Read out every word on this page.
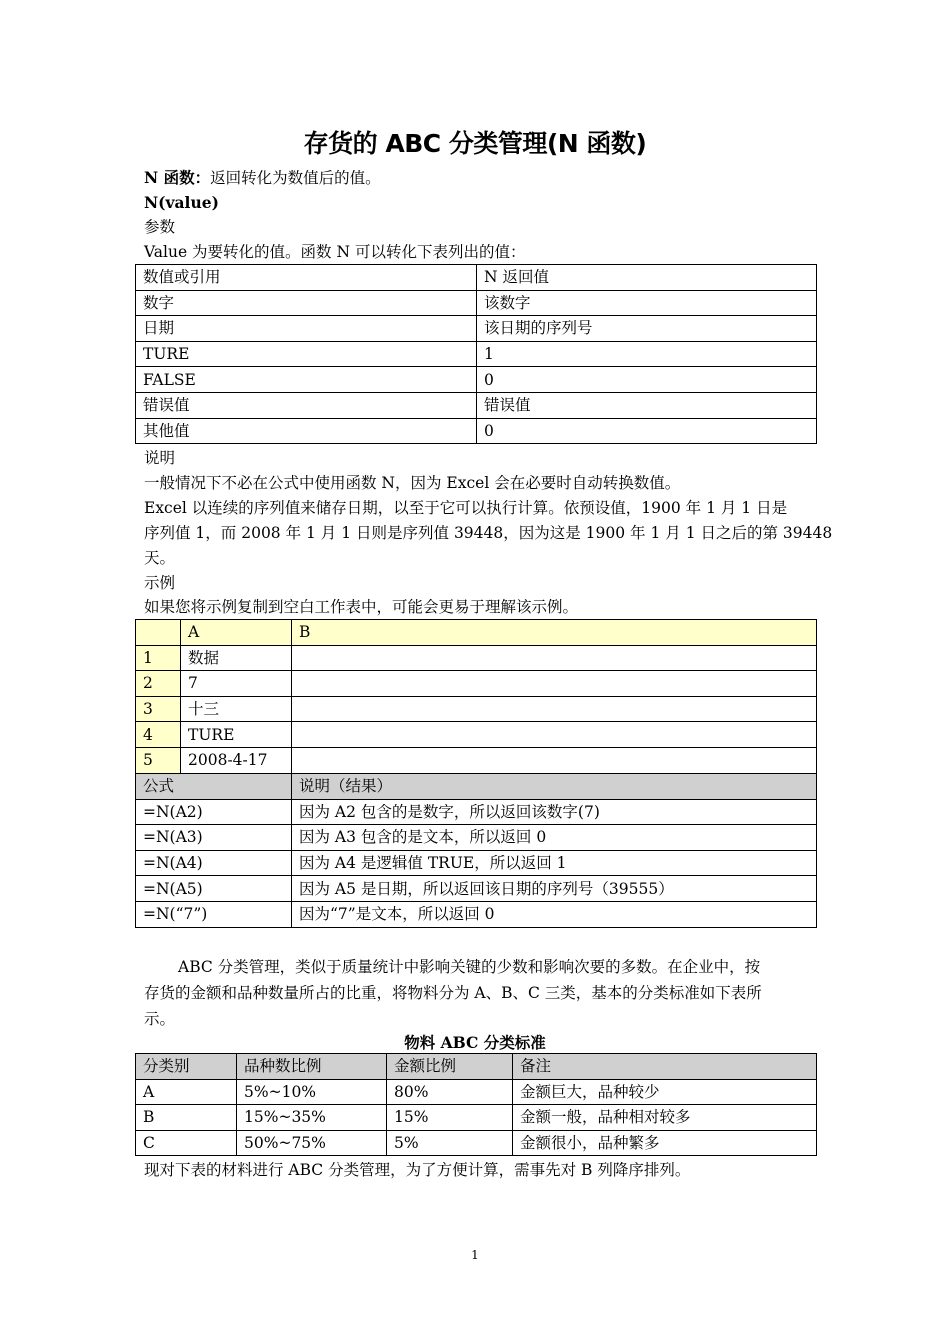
存货的 ABC 分类管理(N 函数)
N 函数：返回转化为数值后的值。
N(value)
参数
Value 为要转化的值。函数 N 可以转化下表列出的值：
数值或引用	N 返回值
数字	该数字
日期	该日期的序列号
TURE	1
FALSE	0
错误值	错误值
其他值	0
说明
一般情况下不必在公式中使用函数 N，因为 Excel 会在必要时自动转换数值。
Excel 以连续的序列值来储存日期，以至于它可以执行计算。依预设值，1900 年 1 月 1 日是
序列值 1，而 2008 年 1 月 1 日则是序列值 39448，因为这是 1900 年 1 月 1 日之后的第 39448
天。
示例
如果您将示例复制到空白工作表中，可能会更易于理解该示例。
	A	B
1	数据	
2	7	
3	十三	
4	TURE	
5	2008-4-17	
公式	说明（结果）
=N(A2)	因为 A2 包含的是数字，所以返回该数字(7)
=N(A3)	因为 A3 包含的是文本，所以返回 0
=N(A4)	因为 A4 是逻辑值 TRUE，所以返回 1
=N(A5)	因为 A5 是日期，所以返回该日期的序列号（39555）
=N(“7”)	因为“7”是文本，所以返回 0
ABC 分类管理，类似于质量统计中影响关键的少数和影响次要的多数。在企业中，按
存货的金额和品种数量所占的比重，将物料分为 A、B、C 三类，基本的分类标准如下表所
示。
物料 ABC 分类标准
分类别	品种数比例	金额比例	备注
A	5%~10%	80%	金额巨大，品种较少
B	15%~35%	15%	金额一般，品种相对较多
C	50%~75%	5%	金额很小，品种繁多
现对下表的材料进行 ABC 分类管理，为了方便计算，需事先对 B 列降序排列。
1
